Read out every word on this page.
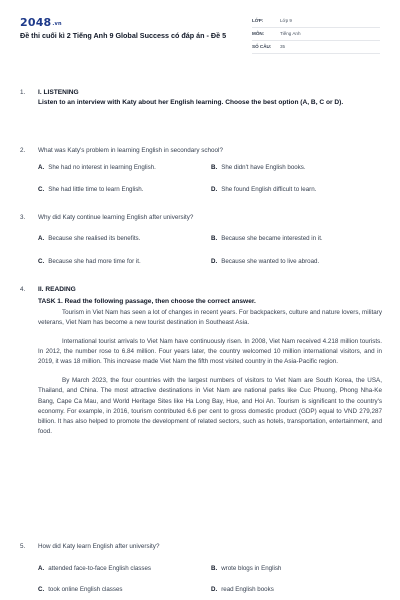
2048.vn
Đề thi cuối kì 2 Tiếng Anh 9 Global Success có đáp án - Đề 5
LỚP:	Lớp 9
MÔN:	Tiếng Anh
SỐ CÂU:	35
1. I. LISTENING
Listen to an interview with Katy about her English learning. Choose the best option (A, B, C or D).
2. What was Katy's problem in learning English in secondary school?
A. She had no interest in learning English.	B. She didn't have English books.
C. She had little time to learn English.	D. She found English difficult to learn.
3. Why did Katy continue learning English after university?
A. Because she realised its benefits.	B. Because she became interested in it.
C. Because she had more time for it.	D. Because she wanted to live abroad.
4. II. READING
TASK 1. Read the following passage, then choose the correct answer.

Tourism in Viet Nam has seen a lot of changes in recent years. For backpackers, culture and nature lovers, military veterans, Viet Nam has become a new tourist destination in Southeast Asia.

International tourist arrivals to Viet Nam have continuously risen. In 2008, Viet Nam received 4.218 million tourists. In 2012, the number rose to 6.84 million. Four years later, the country welcomed 10 million international visitors, and in 2019, it was 18 million. This increase made Viet Nam the fifth most visited country in the Asia-Pacific region.

By March 2023, the four countries with the largest numbers of visitors to Viet Nam are South Korea, the USA, Thailand, and China. The most attractive destinations in Viet Nam are national parks like Cuc Phuong, Phong Nha-Ke Bang, Cape Ca Mau, and World Heritage Sites like Ha Long Bay, Hue, and Hoi An. Tourism is significant to the country's economy. For example, in 2016, tourism contributed 6.6 per cent to gross domestic product (GDP) equal to VND 279,287 billion. It has also helped to promote the development of related sectors, such as hotels, transportation, entertainment, and food.

5. How did Katy learn English after university?
A. attended face-to-face English classes	B. wrote blogs in English
C. took online English classes	D. read English books
